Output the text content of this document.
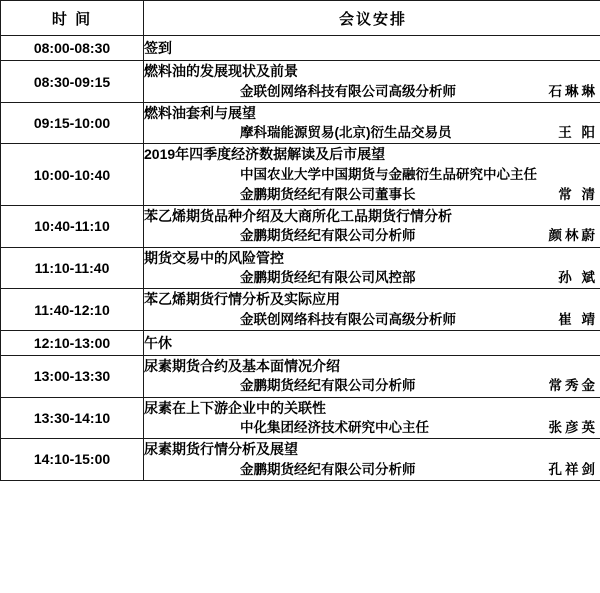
时 间	会议安排
08:00-08:30	签到

08:30-09:15	燃料油的发展现状及前景
金联创网络科技有限公司高级分析师 石琳琳

09:15-10:00	燃料油套利与展望
摩科瑞能源贸易(北京)衍生品交易员 王 阳

10:00-10:40	2019年四季度经济数据解读及后市展望
中国农业大学中国期货与金融衍生品研究中心主任
金鹏期货经纪有限公司董事长 常 清

10:40-11:10	苯乙烯期货品种介绍及大商所化工品期货行情分析
金鹏期货经纪有限公司分析师 颜林蔚

11:10-11:40	期货交易中的风险管控
金鹏期货经纪有限公司风控部 孙 斌

11:40-12:10	苯乙烯期货行情分析及实际应用
金联创网络科技有限公司高级分析师 崔 靖

12:10-13:00	午休

13:00-13:30	尿素期货合约及基本面情况介绍
金鹏期货经纪有限公司分析师 常秀金

13:30-14:10	尿素在上下游企业中的关联性
中化集团经济技术研究中心主任 张彦英

14:10-15:00	尿素期货行情分析及展望
金鹏期货经纪有限公司分析师 孔祥剑
